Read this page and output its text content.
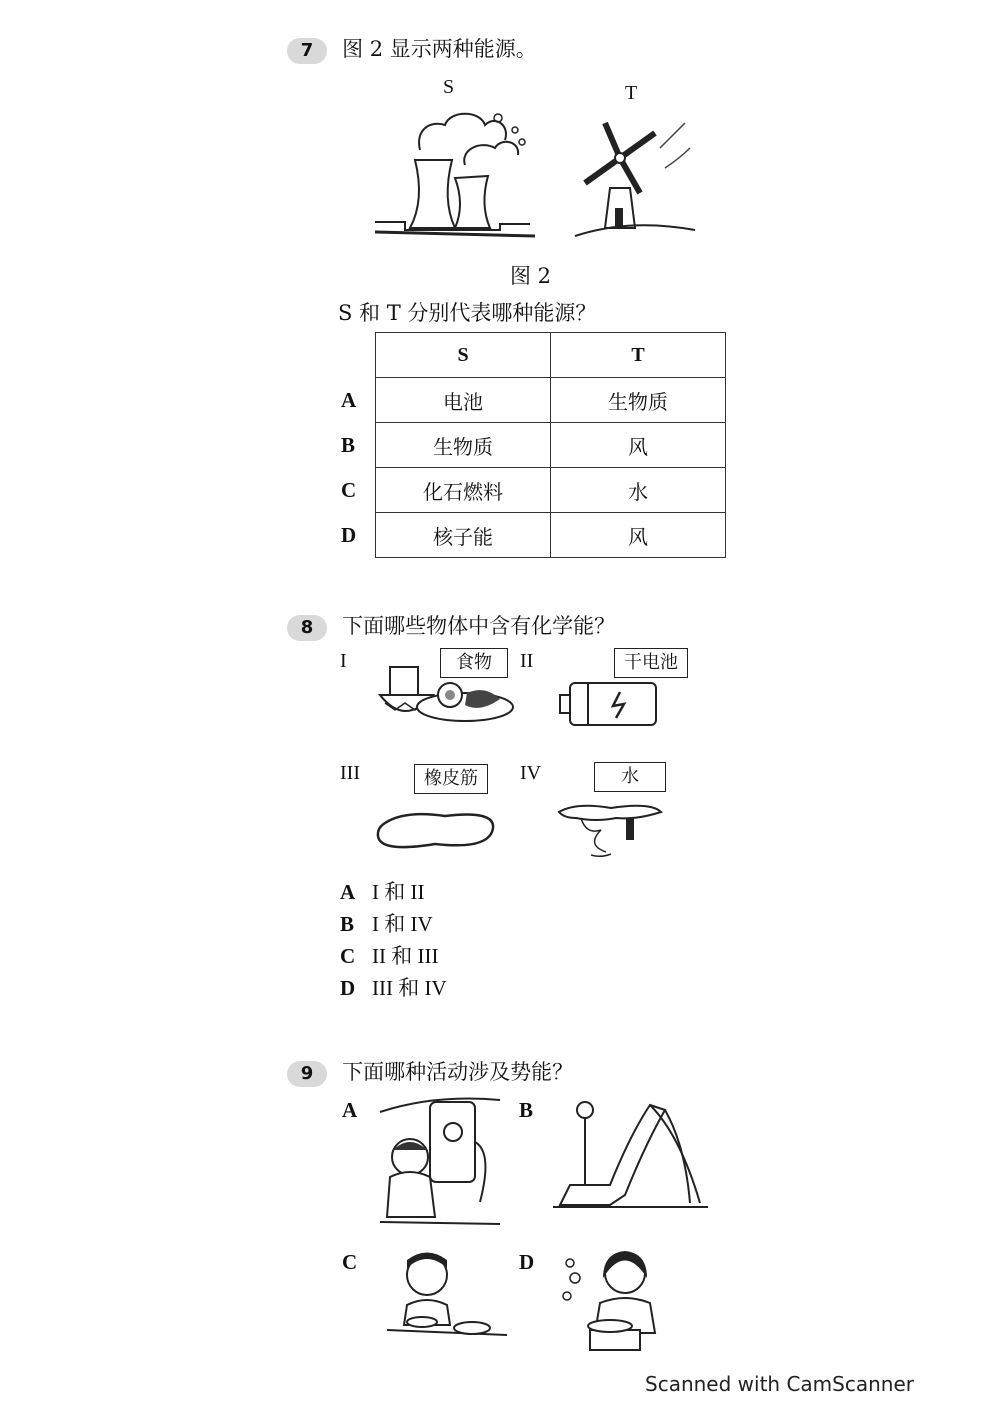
7 图 2 显示两种能源。
S	T
图 2
S 和 T 分别代表哪种能源？
	S	T
A	电池	生物质
B	生物质	风
C	化石燃料	水
D	核子能	风
8 下面哪些物体中含有化学能？
I	食物	II	干电池
III	橡皮筋	IV	水
A I 和 II
B I 和 IV
C II 和 III
D III 和 IV
9 下面哪种活动涉及势能？
A	B
C	D
Scanned with CamScanner
